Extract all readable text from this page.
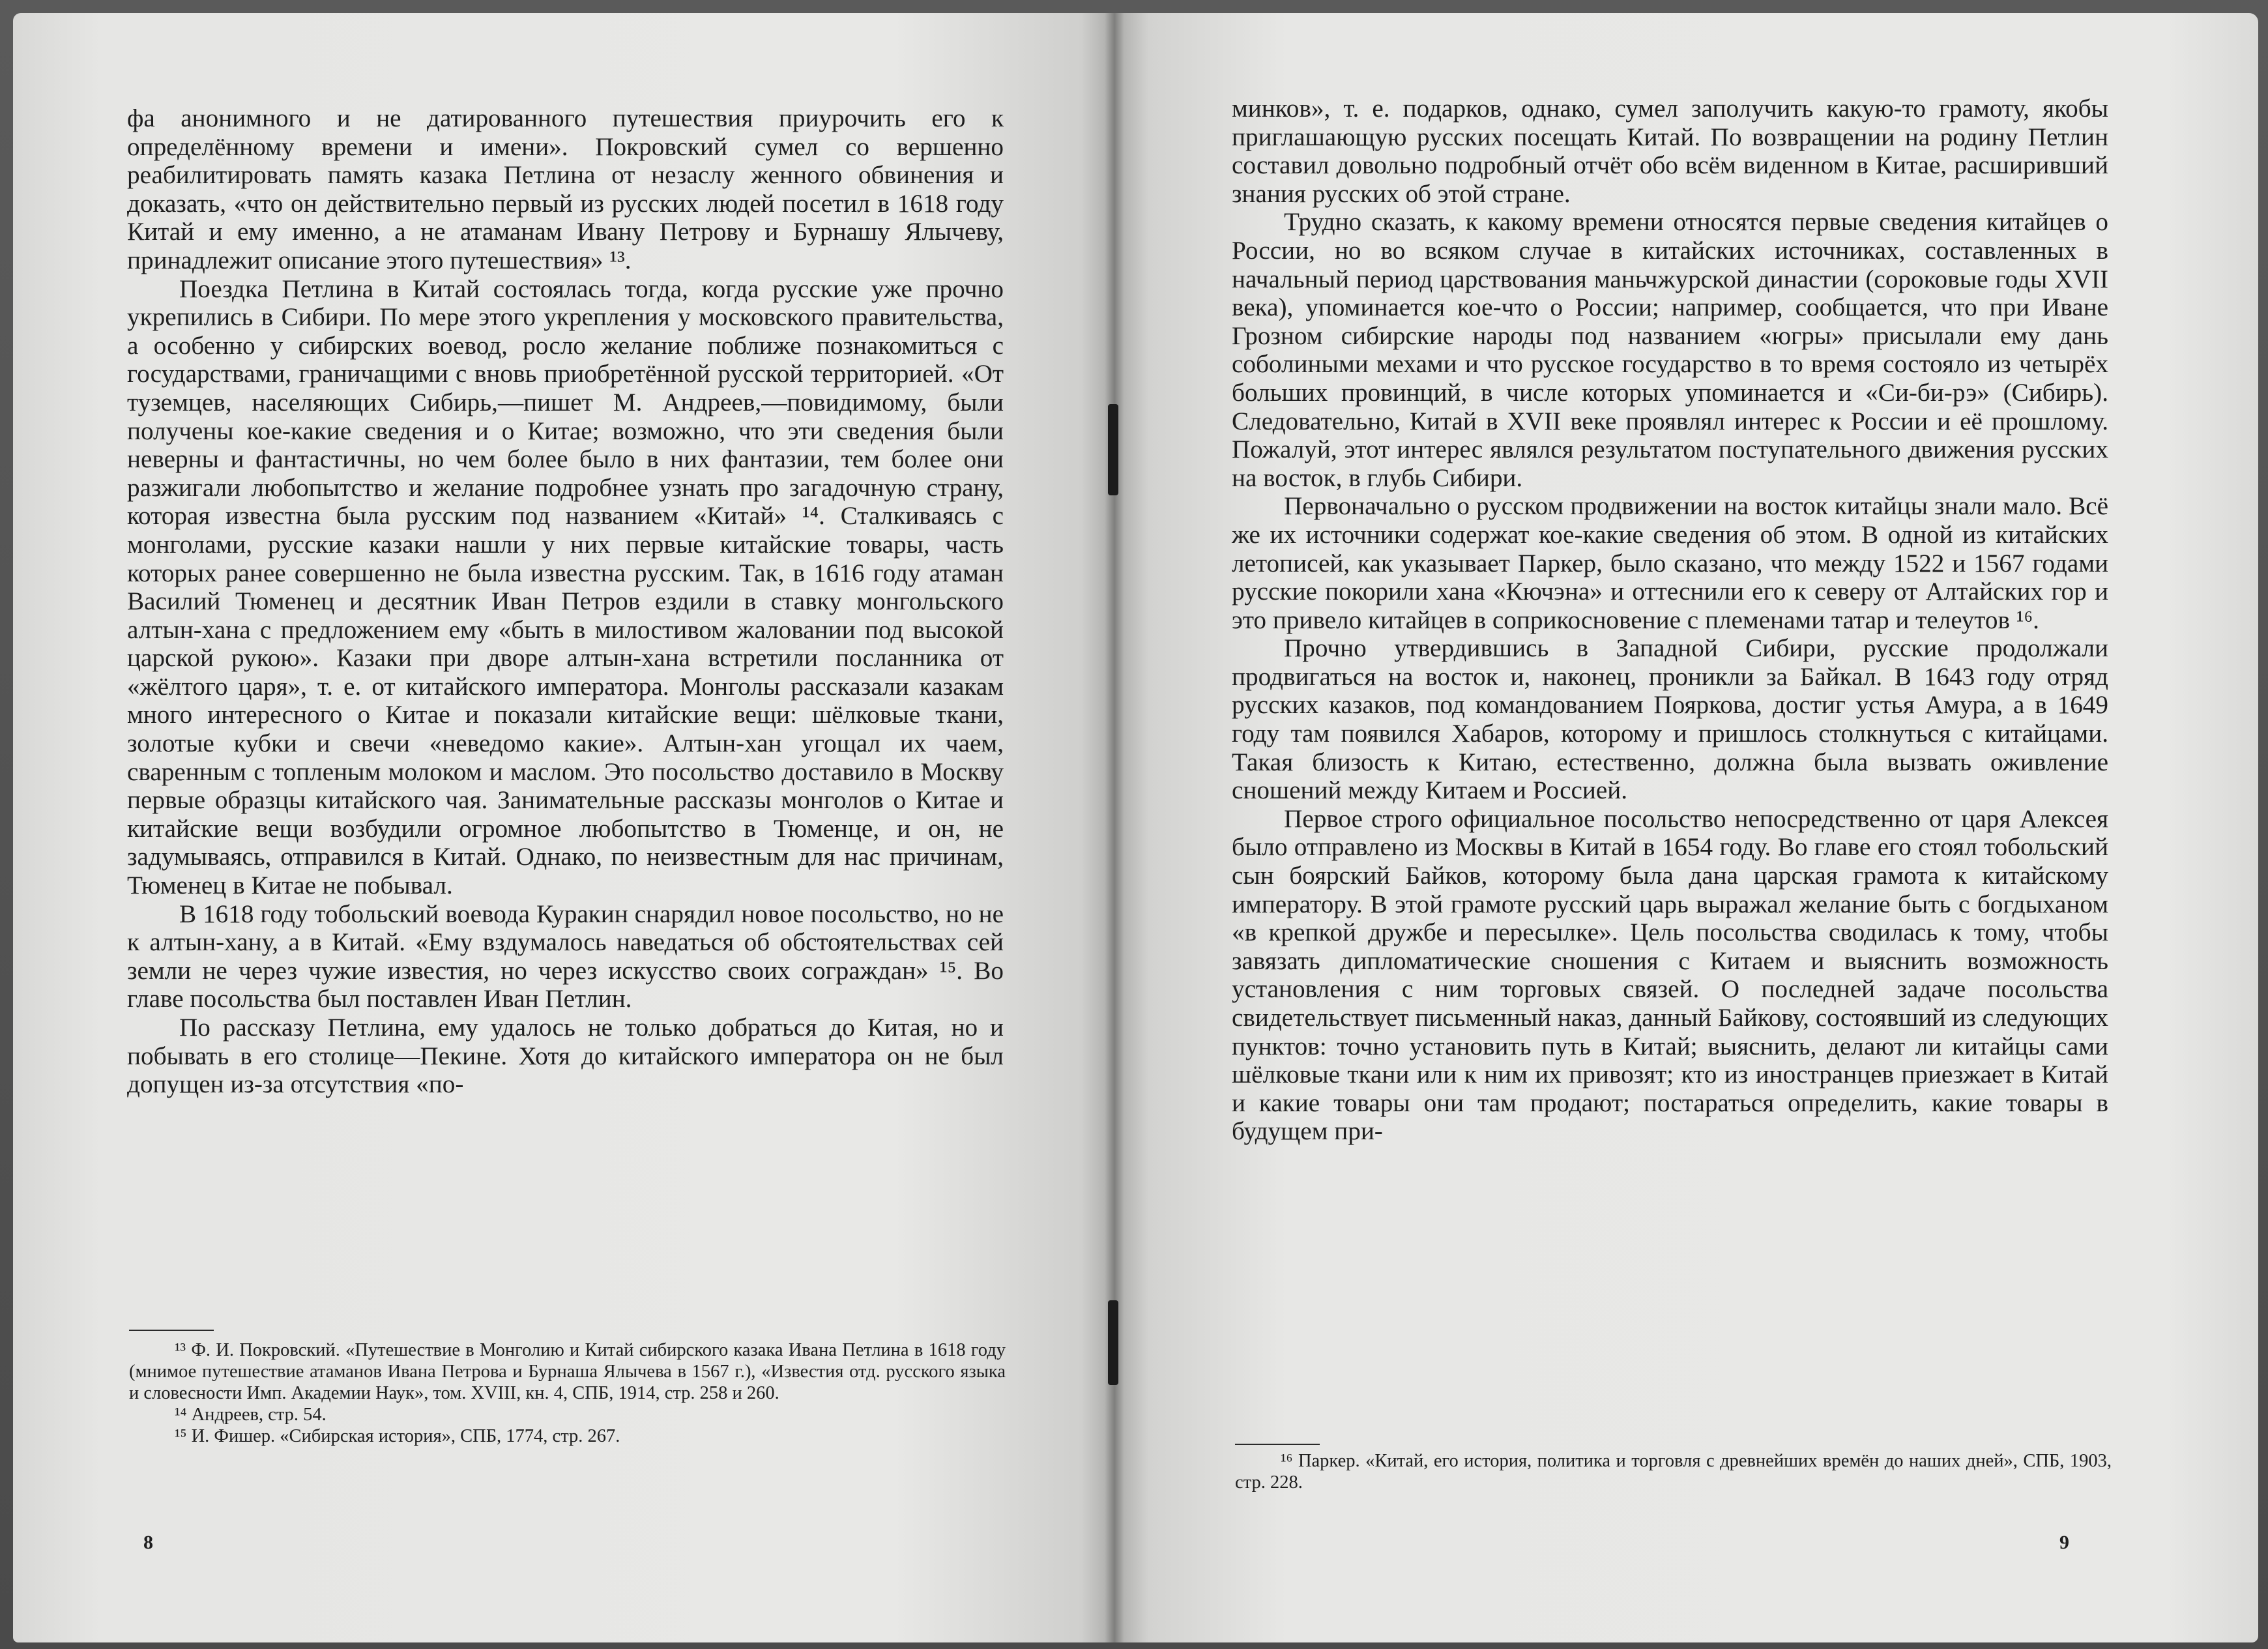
фа анонимного и не датированного путешествия приурочить его к определённому времени и имени». Покровский сумел со вершенно реабилитировать память казака Петлина от незаслу женного обвинения и доказать, «что он действительно первый из русских людей посетил в 1618 году Китай и ему именно, а не атаманам Ивану Петрову и Бурнашу Ялычеву, принадлежит описание этого путешествия» ¹³.

Поездка Петлина в Китай состоялась тогда, когда русские уже прочно укрепились в Сибири. По мере этого укрепления у московского правительства, а особенно у сибирских воевод, росло желание поближе познакомиться с государствами, граничащими с вновь приобретённой русской территорией. «От туземцев, населяющих Сибирь,—пишет М. Андреев,—повидимому, были получены кое-какие сведения и о Китае; возможно, что эти сведения были неверны и фантастичны, но чем более было в них фантазии, тем более они разжигали любопытство и желание подробнее узнать про загадочную страну, которая известна была русским под названием «Китай» ¹⁴. Сталкиваясь с монголами, русские казаки нашли у них первые китайские товары, часть которых ранее совершенно не была известна русским. Так, в 1616 году атаман Василий Тюменец и десятник Иван Петров ездили в ставку монгольского алтын-хана с предложением ему «быть в милостивом жаловании под высокой царской рукою». Казаки при дворе алтын-хана встретили посланника от «жёлтого царя», т. е. от китайского императора. Монголы рассказали казакам много интересного о Китае и показали китайские вещи: шёлковые ткани, золотые кубки и свечи «неведомо какие». Алтын-хан угощал их чаем, сваренным с топленым молоком и маслом. Это посольство доставило в Москву первые образцы китайского чая. Занимательные рассказы монголов о Китае и китайские вещи возбудили огромное любопытство в Тюменце, и он, не задумываясь, отправился в Китай. Однако, по неизвестным для нас причинам, Тюменец в Китае не побывал.

В 1618 году тобольский воевода Куракин снарядил новое посольство, но не к алтын-хану, а в Китай. «Ему вздумалось наведаться об обстоятельствах сей земли не через чужие известия, но через искусство своих сограждан» ¹⁵. Во главе посольства был поставлен Иван Петлин.

По рассказу Петлина, ему удалось не только добраться до Китая, но и побывать в его столице—Пекине. Хотя до китайского императора он не был допущен из-за отсутствия «по-

¹³ Ф. И. Покровский. «Путешествие в Монголию и Китай сибирского казака Ивана Петлина в 1618 году (мнимое путешествие атаманов Ивана Петрова и Бурнаша Ялычева в 1567 г.), «Известия отд. русского языка и словесности Имп. Академии Наук», том. XVIII, кн. 4, СПБ, 1914, стр. 258 и 260.

¹⁴ Андреев, стр. 54.

¹⁵ И. Фишер. «Сибирская история», СПБ, 1774, стр. 267.

8

минков», т. е. подарков, однако, сумел заполучить какую-то грамоту, якобы приглашающую русских посещать Китай. По возвращении на родину Петлин составил довольно подробный отчёт обо всём виденном в Китае, расширивший знания русских об этой стране.

Трудно сказать, к какому времени относятся первые сведения китайцев о России, но во всяком случае в китайских источниках, составленных в начальный период царствования маньчжурской династии (сороковые годы XVII века), упоминается кое-что о России; например, сообщается, что при Иване Грозном сибирские народы под названием «югры» присылали ему дань соболиными мехами и что русское государство в то время состояло из четырёх больших провинций, в числе которых упоминается и «Си-би-рэ» (Сибирь). Следовательно, Китай в XVII веке проявлял интерес к России и её прошлому. Пожалуй, этот интерес являлся результатом поступательного движения русских на восток, в глубь Сибири.

Первоначально о русском продвижении на восток китайцы знали мало. Всё же их источники содержат кое-какие сведения об этом. В одной из китайских летописей, как указывает Паркер, было сказано, что между 1522 и 1567 годами русские покорили хана «Кючэна» и оттеснили его к северу от Алтайских гор и это привело китайцев в соприкосновение с племенами татар и телеутов ¹⁶.

Прочно утвердившись в Западной Сибири, русские продолжали продвигаться на восток и, наконец, проникли за Байкал. В 1643 году отряд русских казаков, под командованием Пояркова, достиг устья Амура, а в 1649 году там появился Хабаров, которому и пришлось столкнуться с китайцами. Такая близость к Китаю, естественно, должна была вызвать оживление сношений между Китаем и Россией.

Первое строго официальное посольство непосредственно от царя Алексея было отправлено из Москвы в Китай в 1654 году. Во главе его стоял тобольский сын боярский Байков, которому была дана царская грамота к китайскому императору. В этой грамоте русский царь выражал желание быть с богдыханом «в крепкой дружбе и пересылке». Цель посольства сводилась к тому, чтобы завязать дипломатические сношения с Китаем и выяснить возможность установления с ним торговых связей. О последней задаче посольства свидетельствует письменный наказ, данный Байкову, состоявший из следующих пунктов: точно установить путь в Китай; выяснить, делают ли китайцы сами шёлковые ткани или к ним их привозят; кто из иностранцев приезжает в Китай и какие товары они там продают; постараться определить, какие товары в будущем при-

¹⁶ Паркер. «Китай, его история, политика и торговля с древнейших времён до наших дней», СПБ, 1903, стр. 228.

9
